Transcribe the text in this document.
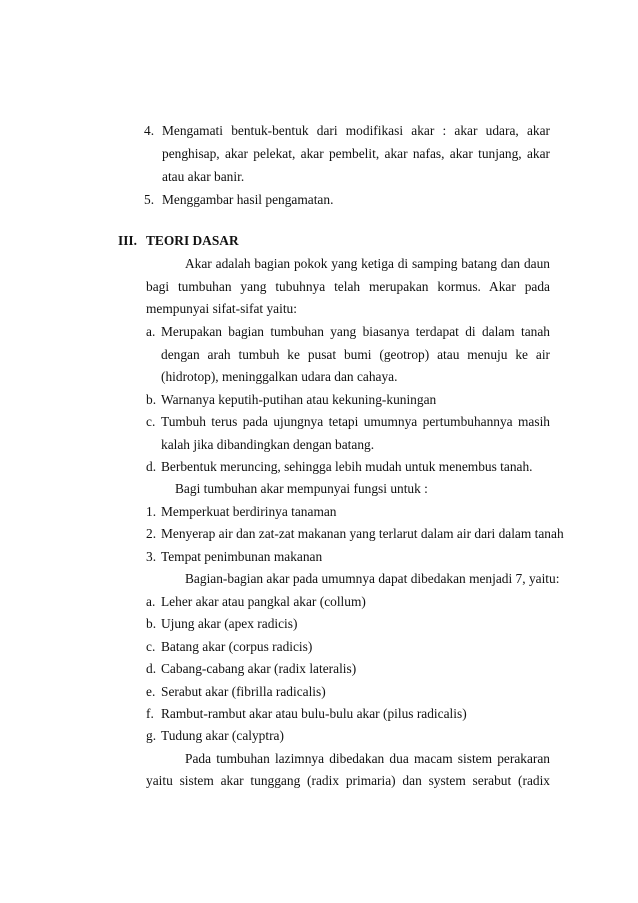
4. Mengamati bentuk-bentuk dari modifikasi akar : akar udara, akar
penghisap, akar pelekat, akar pembelit, akar nafas, akar tunjang, akar
atau akar banir.
5. Menggambar hasil pengamatan.
III. TEORI DASAR
Akar adalah bagian pokok yang ketiga di samping batang dan daun
bagi tumbuhan yang tubuhnya telah merupakan kormus. Akar pada
mempunyai sifat-sifat yaitu:
a. Merupakan bagian tumbuhan yang biasanya terdapat di dalam tanah
dengan arah tumbuh ke pusat bumi (geotrop) atau menuju ke air
(hidrotop), meninggalkan udara dan cahaya.
b. Warnanya keputih-putihan atau kekuning-kuningan
c. Tumbuh terus pada ujungnya tetapi umumnya pertumbuhannya masih
kalah jika dibandingkan dengan batang.
d. Berbentuk meruncing, sehingga lebih mudah untuk menembus tanah.
Bagi tumbuhan akar mempunyai fungsi untuk :
1. Memperkuat berdirinya tanaman
2. Menyerap air dan zat-zat makanan yang terlarut dalam air dari dalam tanah
3. Tempat penimbunan makanan
Bagian-bagian akar pada umumnya dapat dibedakan menjadi 7, yaitu:
a. Leher akar atau pangkal akar (collum)
b. Ujung akar (apex radicis)
c. Batang akar (corpus radicis)
d. Cabang-cabang akar (radix lateralis)
e. Serabut akar (fibrilla radicalis)
f. Rambut-rambut akar atau bulu-bulu akar (pilus radicalis)
g. Tudung akar (calyptra)
Pada tumbuhan lazimnya dibedakan dua macam sistem perakaran
yaitu sistem akar tunggang (radix primaria) dan system serabut (radix
